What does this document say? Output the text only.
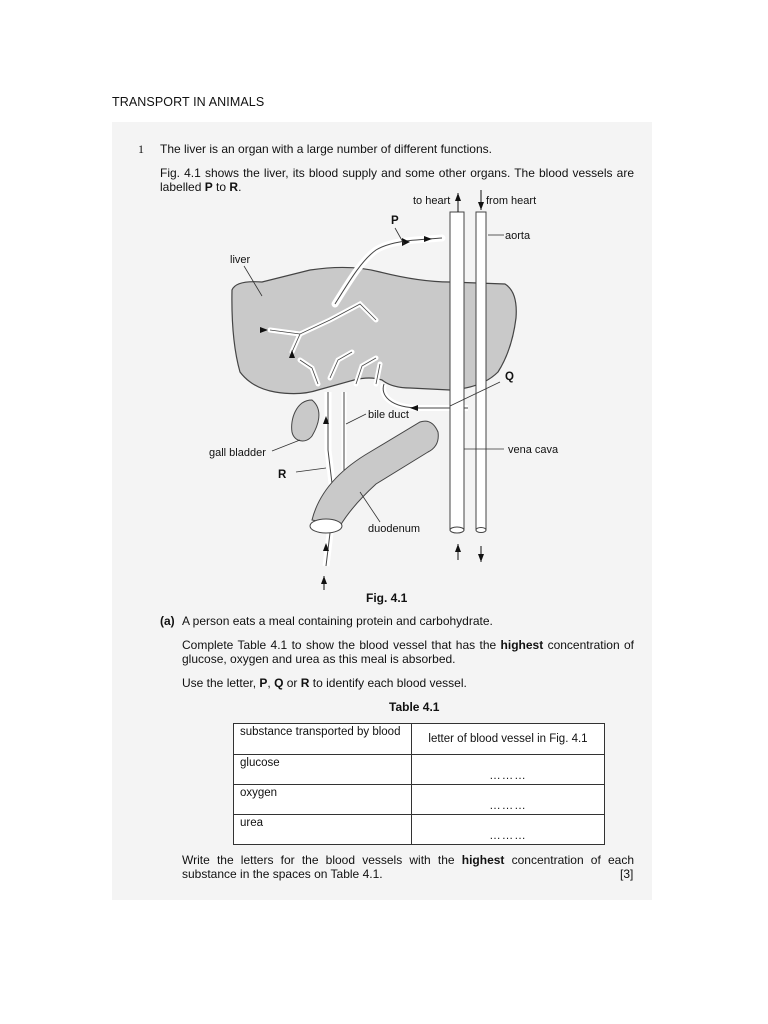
TRANSPORT IN ANIMALS
1 The liver is an organ with a large number of different functions.
Fig. 4.1 shows the liver, its blood supply and some other organs. The blood vessels are
labelled P to R.
to heart	from heart
P
aorta
liver
Q
bile duct
gall bladder	vena cava
R
duodenum
Fig. 4.1
(a) A person eats a meal containing protein and carbohydrate.
Complete Table 4.1 to show the blood vessel that has the highest concentration of
glucose, oxygen and urea as this meal is absorbed.
Use the letter, P, Q or R to identify each blood vessel.
Table 4.1
substance transported by blood	letter of blood vessel in Fig. 4.1
glucose	………
oxygen	………
urea	………
Write the letters for the blood vessels with the highest concentration of each
substance in the spaces on Table 4.1.	[3]
